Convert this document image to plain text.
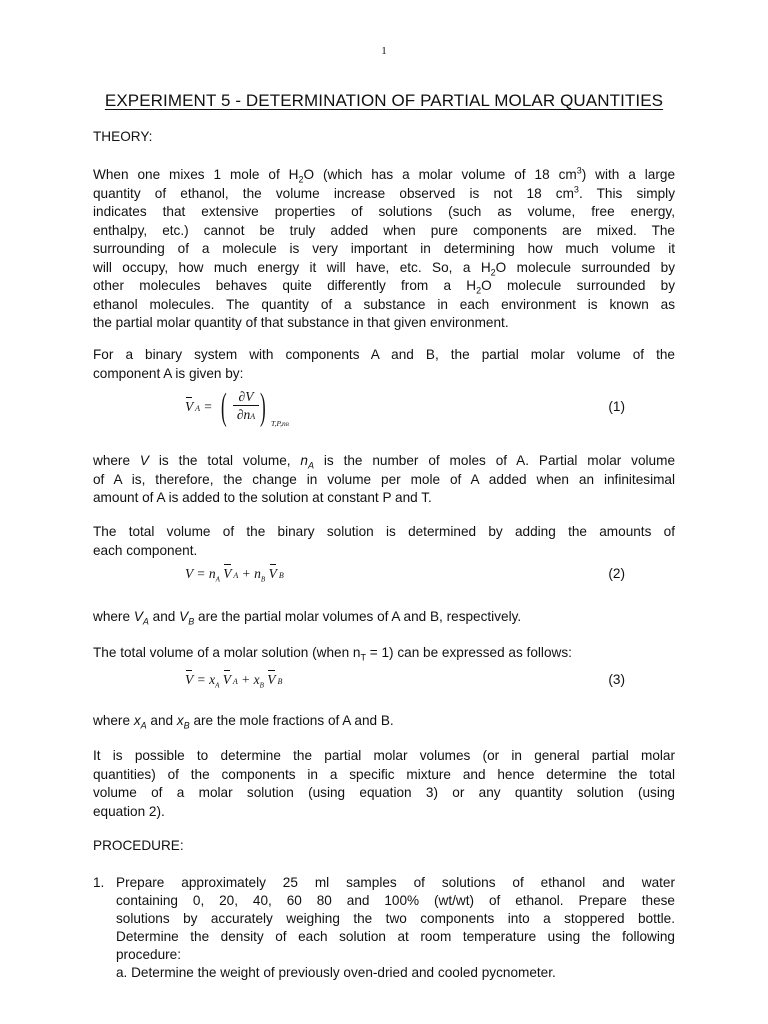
1
EXPERIMENT 5 - DETERMINATION OF PARTIAL MOLAR QUANTITIES
THEORY:
When one mixes 1 mole of $H_2O$ (which has a molar volume of 18 $cm^3$) with a large
quantity of ethanol, the volume increase observed is not 18 $cm^3$. This simply
indicates that extensive properties of solutions (such as volume, free energy,
enthalpy, etc.) cannot be truly added when pure components are mixed. The
surrounding of a molecule is very important in determining how much volume it
will occupy, how much energy it will have, etc. So, a $H_2O$ molecule surrounded by
other molecules behaves quite differently from a $H_2O$ molecule surrounded by
ethanol molecules. The quantity of a substance in each environment is known as
the partial molar quantity of that substance in that given environment.
For a binary system with components A and B, the partial molar volume of the
component A is given by:
V A = ( $\frac{\partial V}{\partial nA}$ ) T,P,nB
(1)
where V is the total volume, $n_A$ is the number of moles of A. Partial molar volume
of A is, therefore, the change in volume per mole of A added when an infinitesimal
amount of A is added to the solution at constant P and T.
The total volume of the binary solution is determined by adding the amounts of
each component.
$V = n_A$ V $A + n_B$ V B	(2)
where $V_A$ and $V_B$ are the partial molar volumes of A and B, respectively.
The total volume of a molar solution (when $n_T = 1$) can be expressed as follows:
$V = x_A$ V $A + x_B$ V B	(3)
where $x_A$ and $x_B$ are the mole fractions of A and B.
It is possible to determine the partial molar volumes (or in general partial molar
quantities) of the components in a specific mixture and hence determine the total
volume of a molar solution (using equation 3) or any quantity solution (using
equation 2).
PROCEDURE:
1. Prepare approximately 25 ml samples of solutions of ethanol and water
containing 0, 20, 40, 60 80 and 100% (wt/wt) of ethanol. Prepare these
solutions by accurately weighing the two components into a stoppered bottle.
Determine the density of each solution at room temperature using the following
procedure:
a. Determine the weight of previously oven-dried and cooled pycnometer.
